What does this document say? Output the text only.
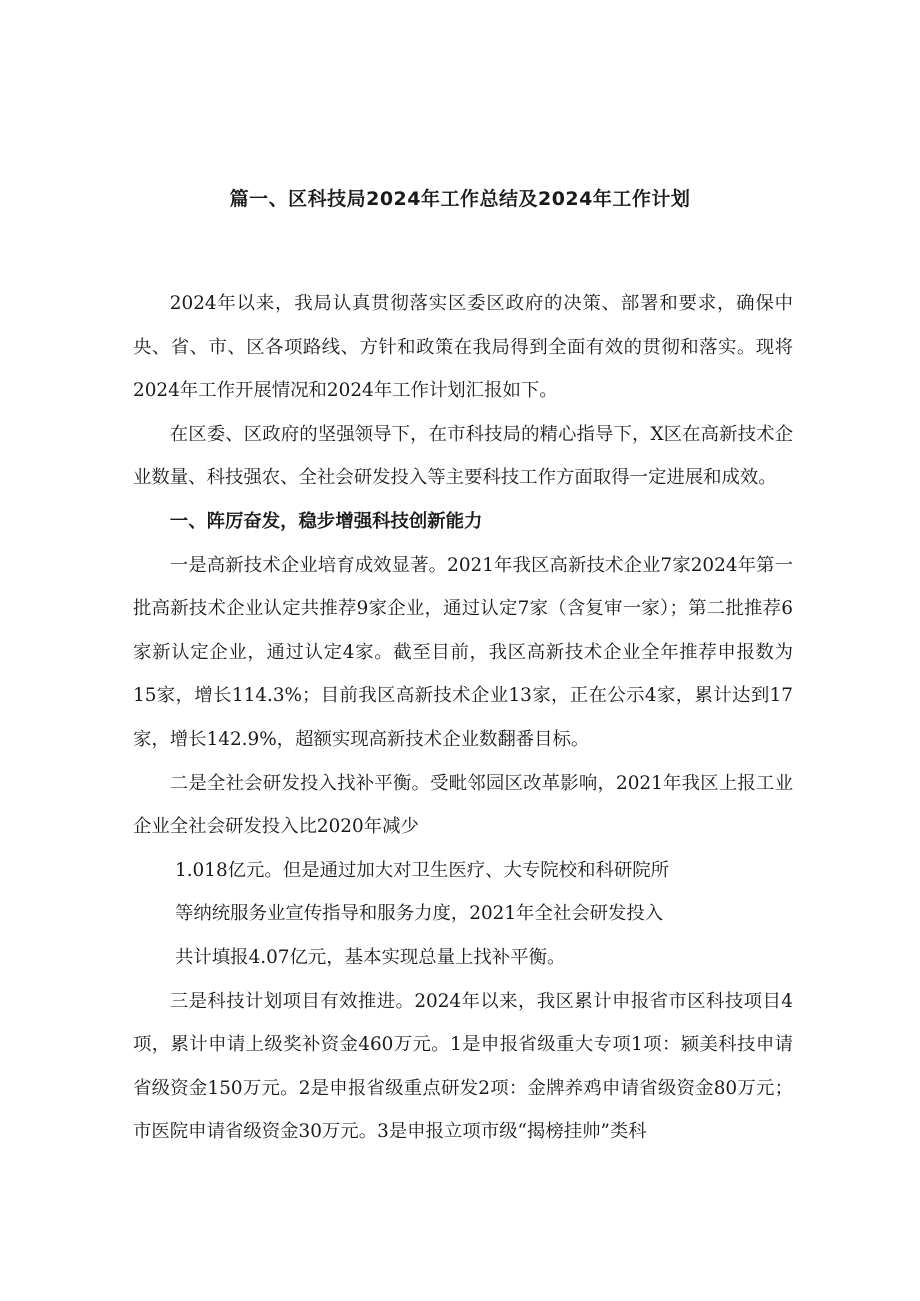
篇一、区科技局2024年工作总结及2024年工作计划

2024年以来，我局认真贯彻落实区委区政府的决策、部署和要求，确保中央、省、市、区各项路线、方针和政策在我局得到全面有效的贯彻和落实。现将2024年工作开展情况和2024年工作计划汇报如下。

在区委、区政府的坚强领导下，在市科技局的精心指导下，X区在高新技术企业数量、科技强农、全社会研发投入等主要科技工作方面取得一定进展和成效。

一、阵厉奋发，稳步增强科技创新能力

一是高新技术企业培育成效显著。2021年我区高新技术企业7家2024年第一批高新技术企业认定共推荐9家企业，通过认定7家（含复审一家）；第二批推荐6家新认定企业，通过认定4家。截至目前，我区高新技术企业全年推荐申报数为15家，增长114.3%；目前我区高新技术企业13家，正在公示4家，累计达到17家，增长142.9%，超额实现高新技术企业数翻番目标。

二是全社会研发投入找补平衡。受毗邻园区改革影响，2021年我区上报工业企业全社会研发投入比2020年减少

1.018亿元。但是通过加大对卫生医疗、大专院校和科研院所

等纳统服务业宣传指导和服务力度，2021年全社会研发投入

共计填报4.07亿元，基本实现总量上找补平衡。

三是科技计划项目有效推进。2024年以来，我区累计申报省市区科技项目4项，累计申请上级奖补资金460万元。1是申报省级重大专项1项：颍美科技申请省级资金150万元。2是申报省级重点研发2项：金牌养鸡申请省级资金80万元；市医院申请省级资金30万元。3是申报立项市级“揭榜挂帅”类科
